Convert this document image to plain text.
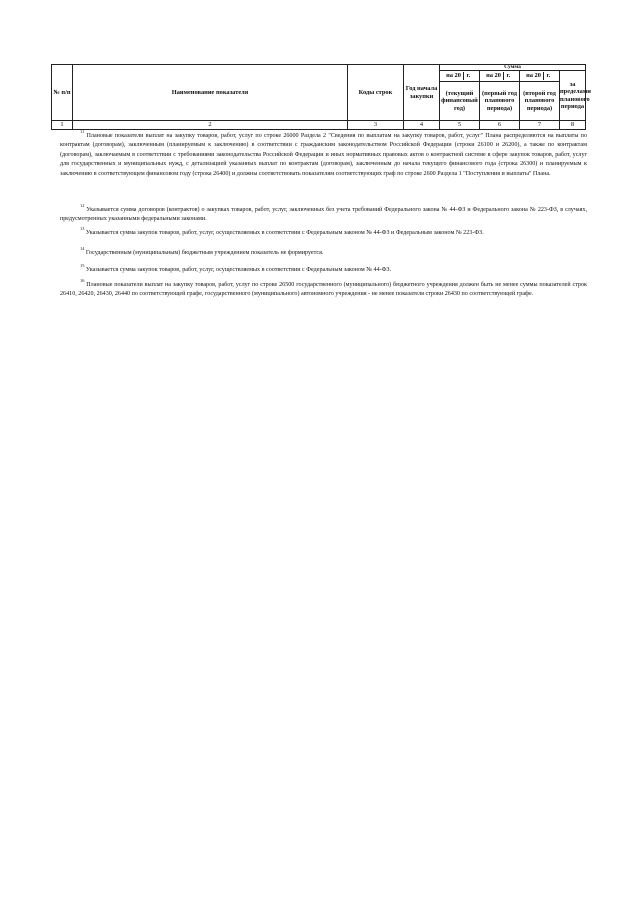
№ п/п	Наименование показателя	Коды строк	Год начала закупки	Сумма			

				на 20 г.	на 20 г.	на 20 г.	за пределами планового периода
				(текущий финансовый год)	(первый год планового периода)	(второй год планового периода)	
1	2	3	4	5	6	7	8
$^{11}$ Плановые показатели выплат на закупку товаров, работ, услуг по строке 26000 Раздела 2 "Сведения по выплатам на закупку товаров, работ, услуг" Плана распределяются на выплаты по контрактам (договорам), заключенным (планируемым к заключению) в соответствии с гражданским законодательством Российской Федерации (строки 26100 и 26200), а также по контрактам (договорам), заключаемым в соответствии с требованиями законодательства Российской Федерации и иных нормативных правовых актов о контрактной системе в сфере закупок товаров, работ, услуг для государственных и муниципальных нужд, с детализацией указанных выплат по контрактам (договорам), заключенным до начала текущего финансового года (строка 26300) и планируемым к заключению в соответствующем финансовом году (строка 26400) и должны соответствовать показателям соответствующих граф по строке 2600 Раздела 1 "Поступления и выплаты" Плана.
$^{12}$ Указывается сумма договоров (контрактов) о закупках товаров, работ, услуг, заключенных без учета требований Федерального закона № 44-ФЗ и Федерального закона № 223-ФЗ, в случаях, предусмотренных указанными федеральными законами.
$^{13}$ Указывается сумма закупок товаров, работ, услуг, осуществляемых в соответствии с Федеральным законом № 44-ФЗ и Федеральным законом № 223-ФЗ.
$^{14}$ Государственным (муниципальным) бюджетным учреждением показатель не формируется.
$^{15}$ Указывается сумма закупок товаров, работ, услуг, осуществляемых в соответствии с Федеральным законом № 44-ФЗ.
$^{16}$ Плановые показатели выплат на закупку товаров, работ, услуг по строке 26500 государственного (муниципального) бюджетного учреждения должен быть не менее суммы показателей строк 26410, 26420, 26430, 26440 по соответствующей графе, государственного (муниципального) автономного учреждения - не менее показателя строки 26430 по соответствующей графе.
